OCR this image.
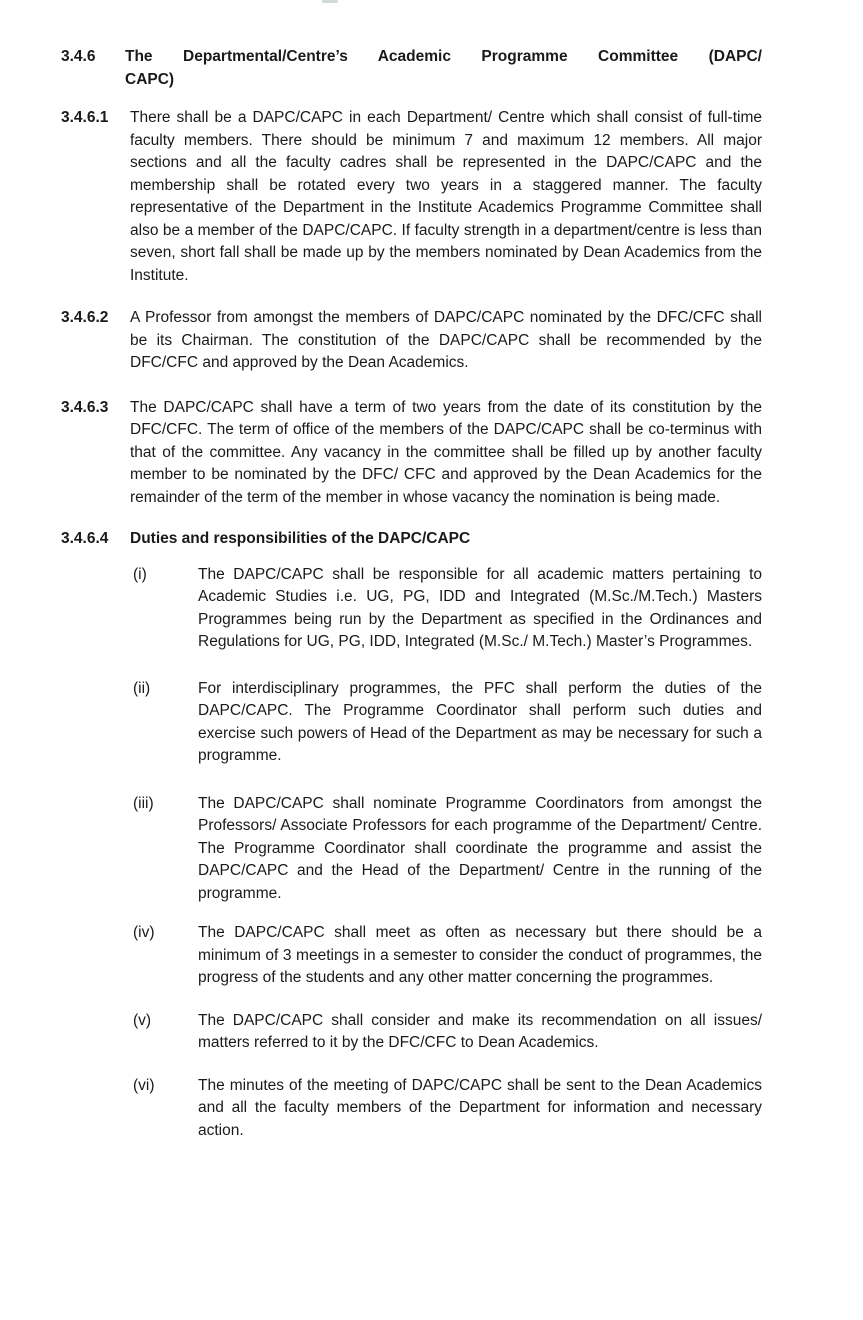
3.4.6	The Departmental/Centre’s Academic Programme Committee (DAPC/
CAPC)
3.4.6.1	There shall be a DAPC/CAPC in each Department/ Centre which shall consist of full-time faculty members. There should be minimum 7 and maximum 12 members. All major sections and all the faculty cadres shall be represented in the DAPC/CAPC and the membership shall be rotated every two years in a staggered manner. The faculty representative of the Department in the Institute Academics Programme Committee shall also be a member of the DAPC/CAPC. If faculty strength in a department/centre is less than seven, short fall shall be made up by the members nominated by Dean Academics from the Institute.
3.4.6.2	A Professor from amongst the members of DAPC/CAPC nominated by the DFC/CFC shall be its Chairman. The constitution of the DAPC/CAPC shall be recommended by the DFC/CFC and approved by the Dean Academics.
3.4.6.3	The DAPC/CAPC shall have a term of two years from the date of its constitution by the DFC/CFC. The term of office of the members of the DAPC/CAPC shall be co-terminus with that of the committee. Any vacancy in the committee shall be filled up by another faculty member to be nominated by the DFC/ CFC and approved by the Dean Academics for the remainder of the term of the member in whose vacancy the nomination is being made.
3.4.6.4	Duties and responsibilities of the DAPC/CAPC
(i)	The DAPC/CAPC shall be responsible for all academic matters pertaining to Academic Studies i.e. UG, PG, IDD and Integrated (M.Sc./M.Tech.) Masters Programmes being run by the Department as specified in the Ordinances and Regulations for UG, PG, IDD, Integrated (M.Sc./ M.Tech.) Master’s Programmes.
(ii)	For interdisciplinary programmes, the PFC shall perform the duties of the DAPC/CAPC. The Programme Coordinator shall perform such duties and exercise such powers of Head of the Department as may be necessary for such a programme.
(iii)	The DAPC/CAPC shall nominate Programme Coordinators from amongst the Professors/ Associate Professors for each programme of the Department/ Centre. The Programme Coordinator shall coordinate the programme and assist the DAPC/CAPC and the Head of the Department/ Centre in the running of the programme.
(iv)	The DAPC/CAPC shall meet as often as necessary but there should be a minimum of 3 meetings in a semester to consider the conduct of programmes, the progress of the students and any other matter concerning the programmes.
(v)	The DAPC/CAPC shall consider and make its recommendation on all issues/ matters referred to it by the DFC/CFC to Dean Academics.
(vi)	The minutes of the meeting of DAPC/CAPC shall be sent to the Dean Academics and all the faculty members of the Department for information and necessary action.
